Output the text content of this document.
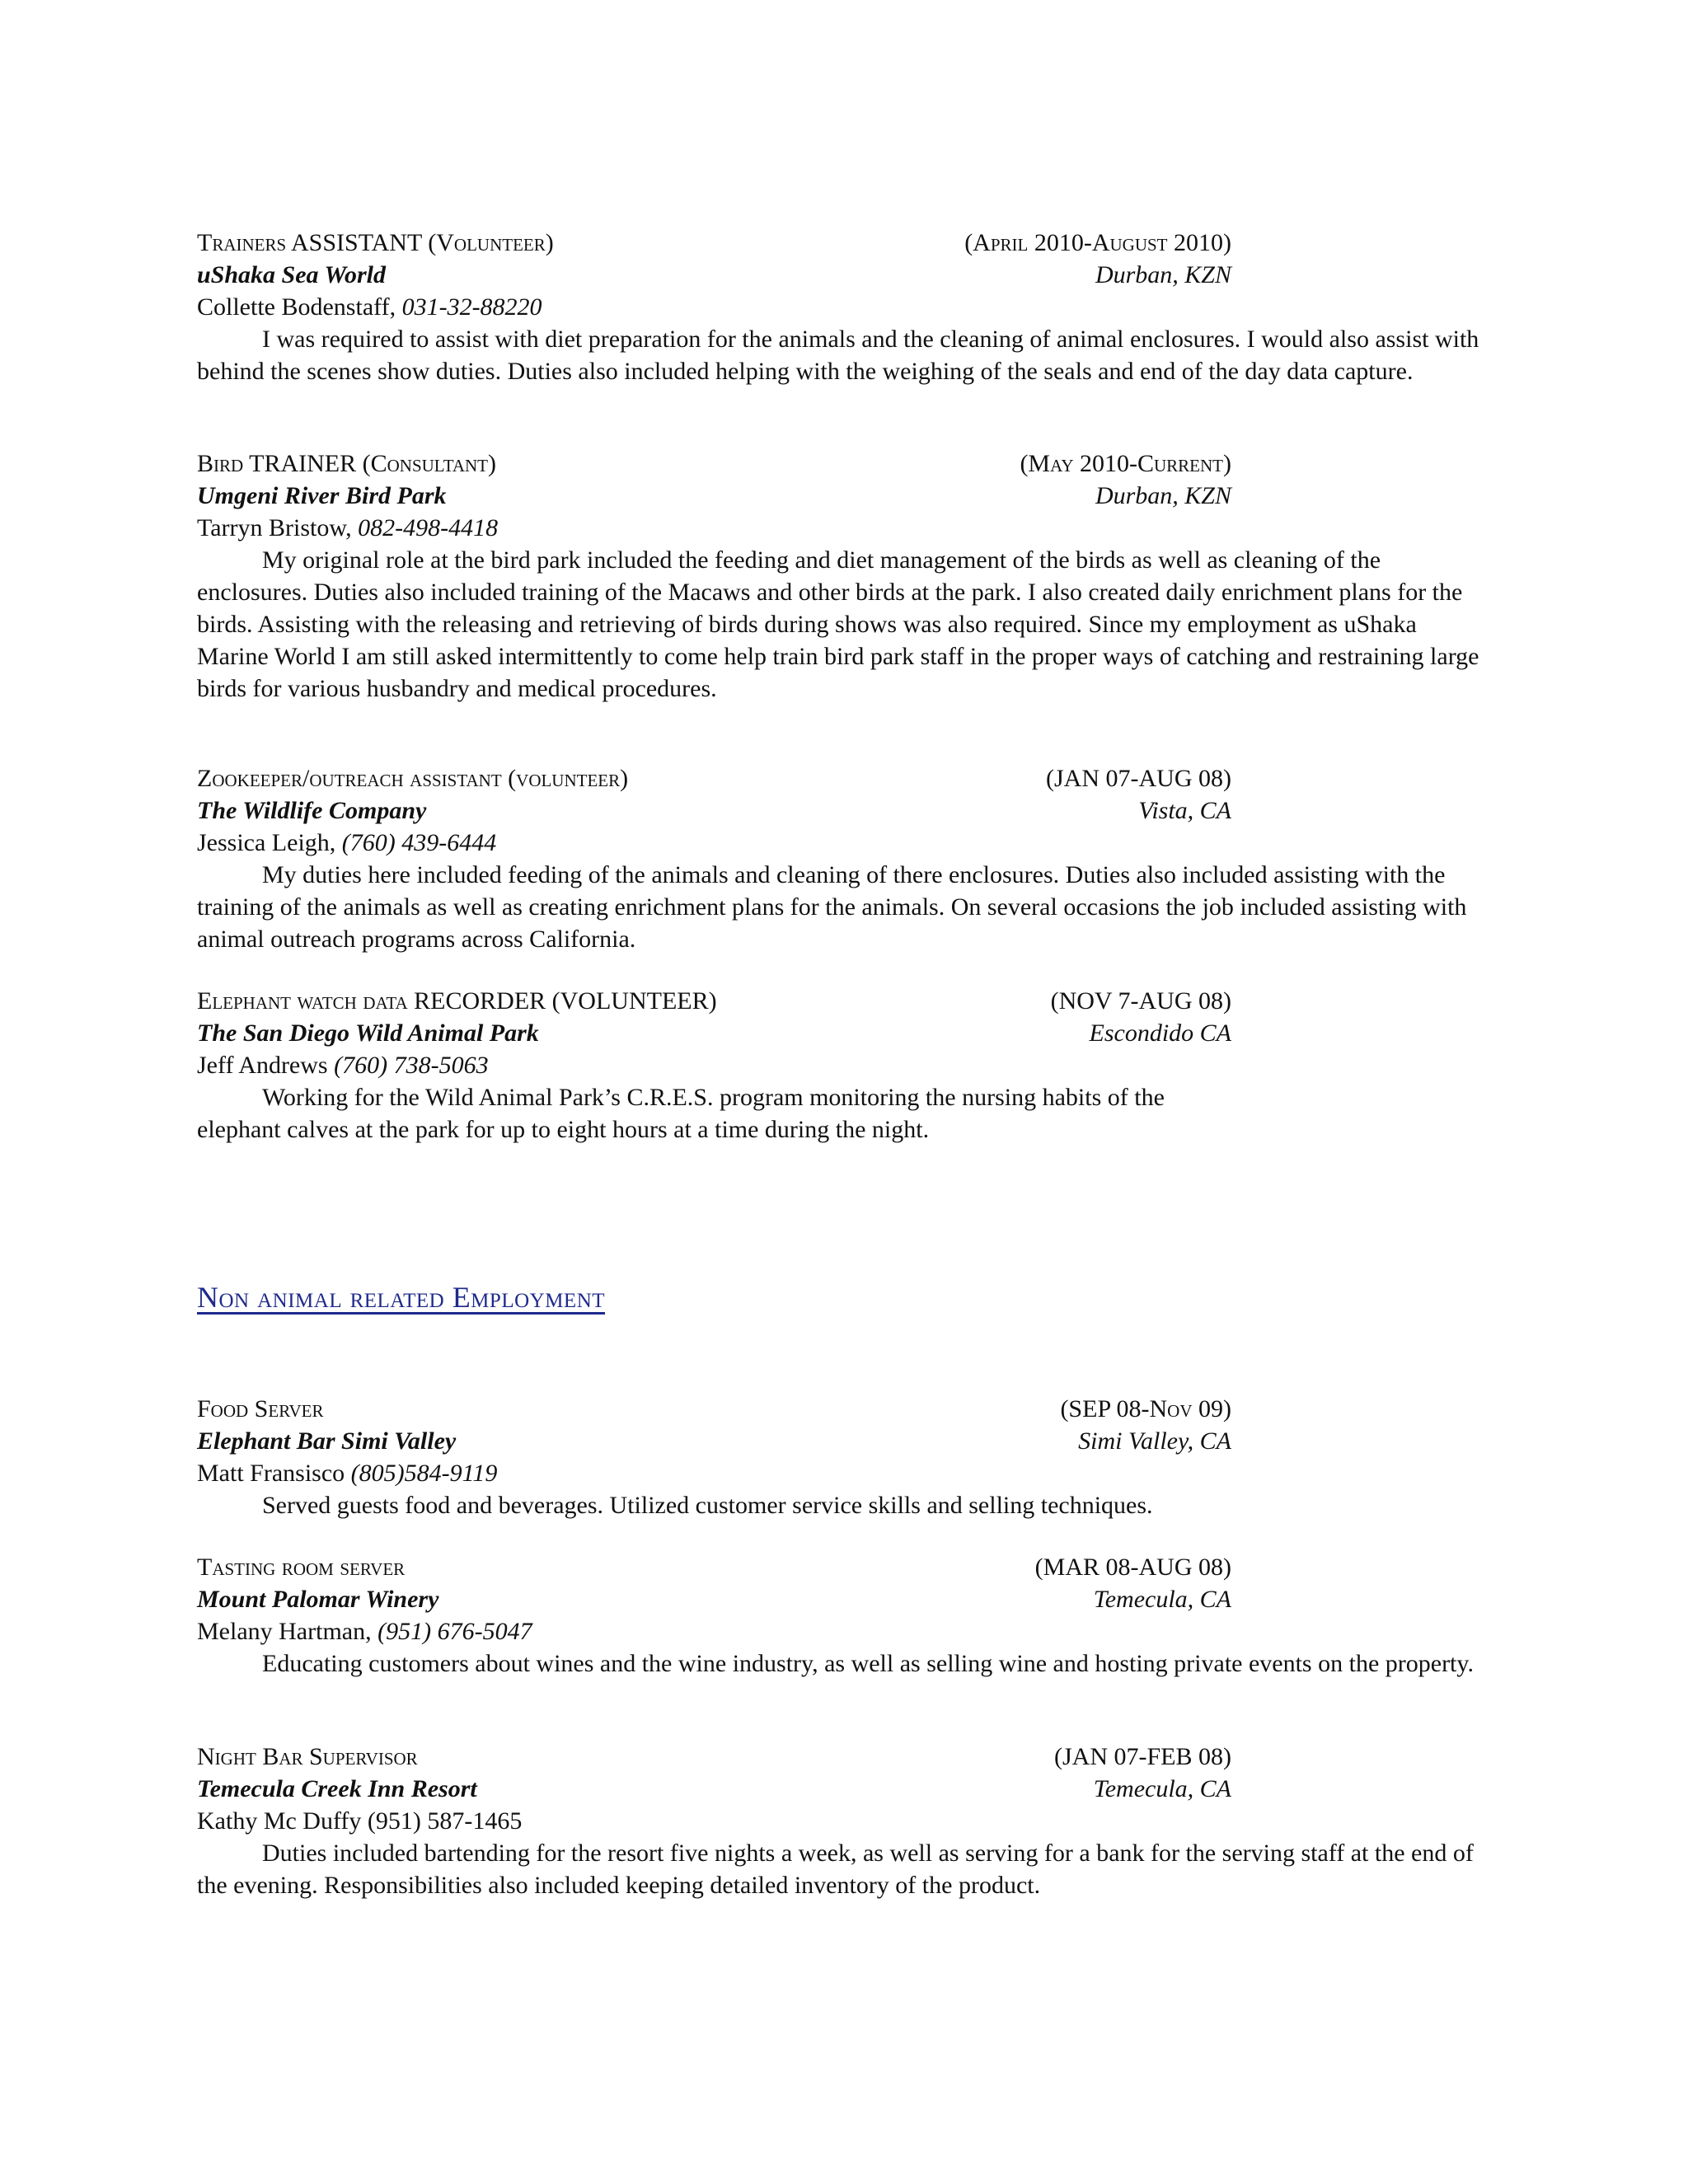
Trainers ASSISTANT (Volunteer)	(April 2010-August 2010)
uShaka Sea World	Durban, KZN
Collette Bodenstaff, 031-32-88220

I was required to assist with diet preparation for the animals and the cleaning of animal enclosures. I would also assist with behind the scenes show duties. Duties also included helping with the weighing of the seals and end of the day data capture.

Bird TRAINER (Consultant)	(May 2010-Current)
Umgeni River Bird Park	Durban, KZN
Tarryn Bristow, 082-498-4418

My original role at the bird park included the feeding and diet management of the birds as well as cleaning of the enclosures. Duties also included training of the Macaws and other birds at the park. I also created daily enrichment plans for the birds. Assisting with the releasing and retrieving of birds during shows was also required. Since my employment as uShaka Marine World I am still asked intermittently to come help train bird park staff in the proper ways of catching and restraining large birds for various husbandry and medical procedures.

Zookeeper/outreach assistant (volunteer)	(JAN 07-AUG 08)
The Wildlife Company	Vista, CA
Jessica Leigh, (760) 439-6444

My duties here included feeding of the animals and cleaning of there enclosures. Duties also included assisting with the training of the animals as well as creating enrichment plans for the animals. On several occasions the job included assisting with animal outreach programs across California.

Elephant watch data RECORDER (VOLUNTEER)	(NOV 7-AUG 08)
The San Diego Wild Animal Park	Escondido CA
Jeff Andrews (760) 738-5063

Working for the Wild Animal Park’s C.R.E.S. program monitoring the nursing habits of the elephant calves at the park for up to eight hours at a time during the night.

Non animal related Employment
Food Server	(SEP 08-Nov 09)
Elephant Bar Simi Valley	Simi Valley, CA
Matt Fransisco (805)584-9119

Served guests food and beverages. Utilized customer service skills and selling techniques.

Tasting room server	(MAR 08-AUG 08)
Mount Palomar Winery	Temecula, CA
Melany Hartman, (951) 676-5047

Educating customers about wines and the wine industry, as well as selling wine and hosting private events on the property.

Night Bar Supervisor	(JAN 07-FEB 08)
Temecula Creek Inn Resort	Temecula, CA
Kathy Mc Duffy (951) 587-1465

Duties included bartending for the resort five nights a week, as well as serving for a bank for the serving staff at the end of the evening. Responsibilities also included keeping detailed inventory of the product.
